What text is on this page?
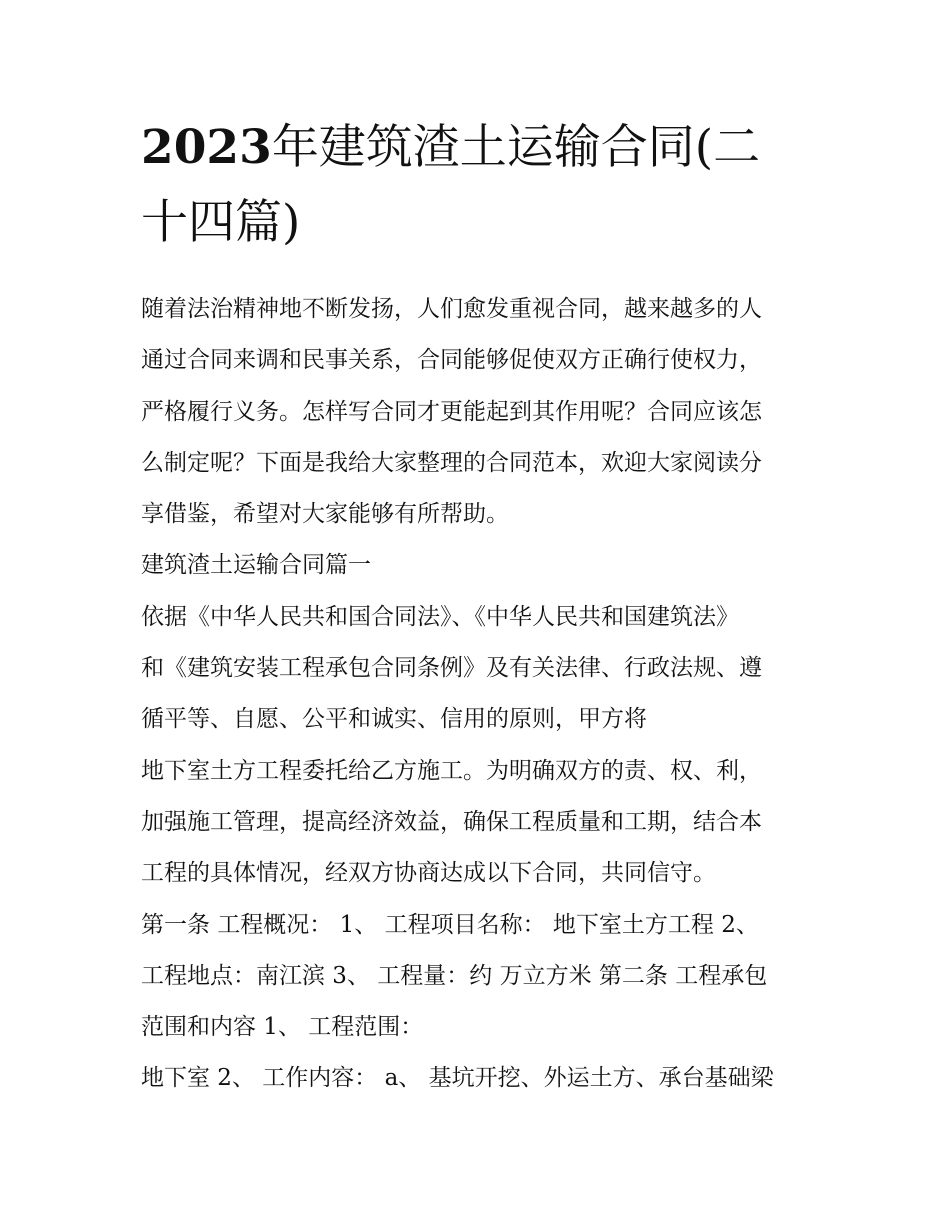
2023年建筑渣土运输合同(二
十四篇)
随着法治精神地不断发扬，人们愈发重视合同，越来越多的人
通过合同来调和民事关系，合同能够促使双方正确行使权力，
严格履行义务。怎样写合同才更能起到其作用呢？合同应该怎
么制定呢？下面是我给大家整理的合同范本，欢迎大家阅读分
享借鉴，希望对大家能够有所帮助。
建筑渣土运输合同篇一
依据《中华人民共和国合同法》、《中华人民共和国建筑法》
和《建筑安装工程承包合同条例》及有关法律、行政法规、遵
循平等、自愿、公平和诚实、信用的原则，甲方将
地下室土方工程委托给乙方施工。为明确双方的责、权、利，
加强施工管理，提高经济效益，确保工程质量和工期，结合本
工程的具体情况，经双方协商达成以下合同，共同信守。
第一条 工程概况： 1、 工程项目名称： 地下室土方工程 2、
工程地点：南江滨 3、 工程量：约 万立方米 第二条 工程承包
范围和内容 1、 工程范围：
地下室 2、 工作内容： a、 基坑开挖、外运土方、承台基础梁
